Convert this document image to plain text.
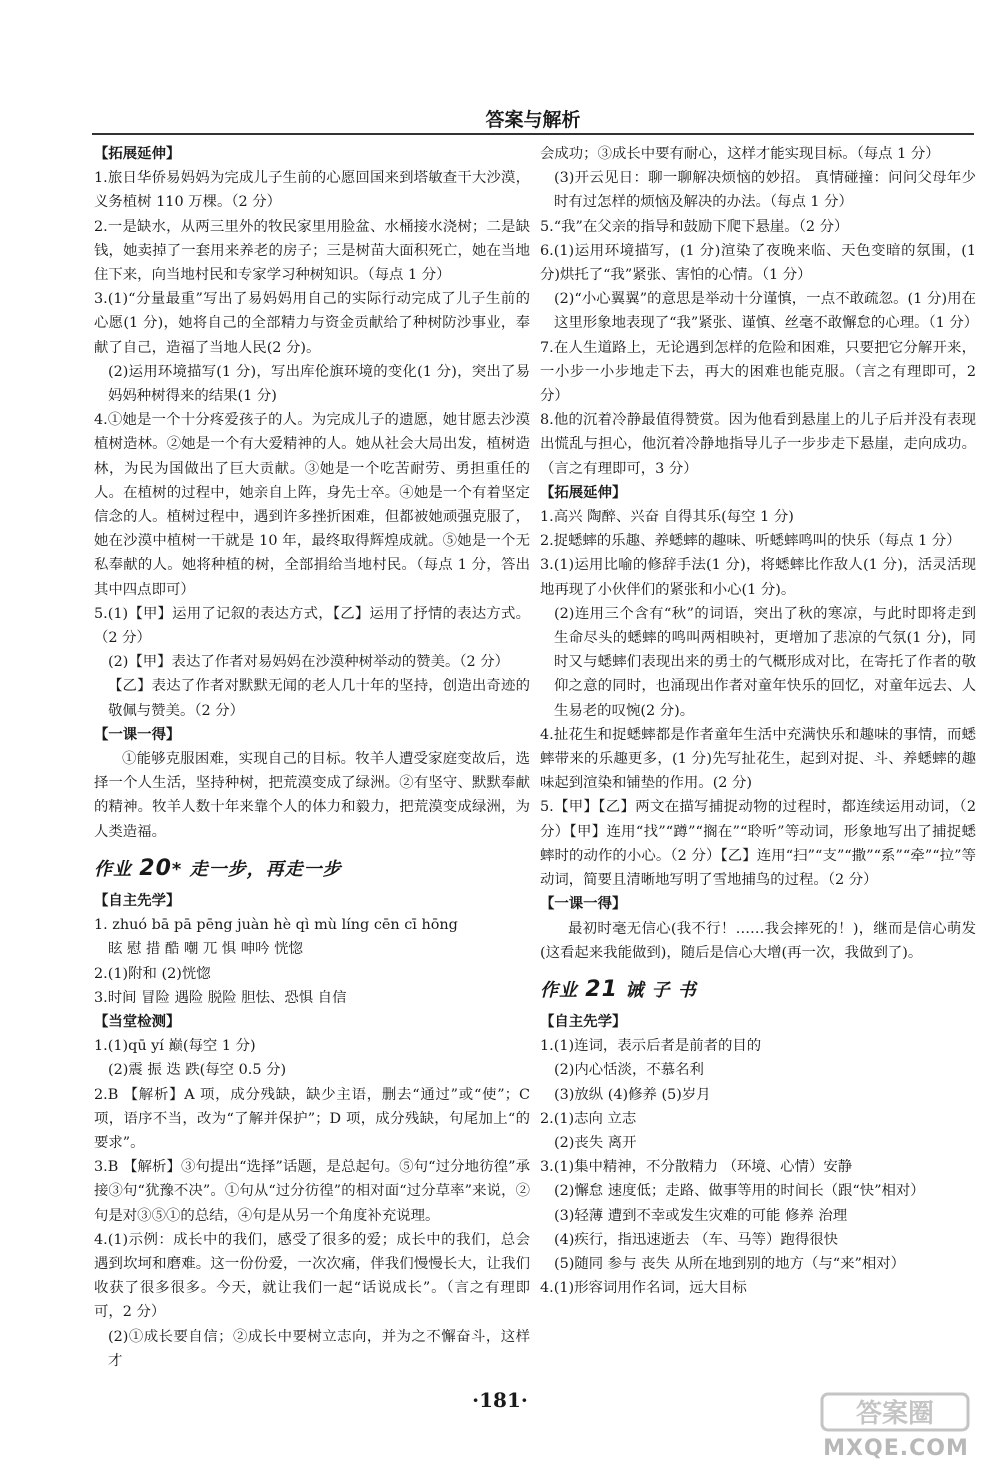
答案与解析

【拓展延伸】

1.旅日华侨易妈妈为完成儿子生前的心愿回国来到塔敏查干大沙漠，义务植树 110 万棵。（2 分）

2.一是缺水，从两三里外的牧民家里用脸盆、水桶接水浇树；二是缺钱，她卖掉了一套用来养老的房子；三是树苗大面积死亡，她在当地住下来，向当地村民和专家学习种树知识。（每点 1 分）

3.(1)“分量最重”写出了易妈妈用自己的实际行动完成了儿子生前的心愿(1 分)，她将自己的全部精力与资金贡献给了种树防沙事业，奉献了自己，造福了当地人民(2 分)。

(2)运用环境描写(1 分)，写出库伦旗环境的变化(1 分)，突出了易妈妈种树得来的结果(1 分)

4.①她是一个十分疼爱孩子的人。为完成儿子的遗愿，她甘愿去沙漠植树造林。②她是一个有大爱精神的人。她从社会大局出发，植树造林，为民为国做出了巨大贡献。③她是一个吃苦耐劳、勇担重任的人。在植树的过程中，她亲自上阵，身先士卒。④她是一个有着坚定信念的人。植树过程中，遇到许多挫折困难，但都被她顽强克服了，她在沙漠中植树一干就是 10 年，最终取得辉煌成就。⑤她是一个无私奉献的人。她将种植的树，全部捐给当地村民。（每点 1 分，答出其中四点即可）

5.(1)【甲】运用了记叙的表达方式，【乙】运用了抒情的表达方式。（2 分）

(2)【甲】表达了作者对易妈妈在沙漠种树举动的赞美。（2 分）

【乙】表达了作者对默默无闻的老人几十年的坚持，创造出奇迹的敬佩与赞美。（2 分）

【一课一得】

①能够克服困难，实现自己的目标。牧羊人遭受家庭变故后，选择一个人生活，坚持种树，把荒漠变成了绿洲。②有坚守、默默奉献的精神。牧羊人数十年来靠个人的体力和毅力，把荒漠变成绿洲，为人类造福。

作业 20* 走一步，再走一步

【自主先学】

1. zhuó bā pā pēng juàn hè qì mù líng cēn cī hōng

眩 慰 措 酷 嘲 兀 惧 呻吟 恍惚

2.(1)附和 (2)恍惚

3.时间 冒险 遇险 脱险 胆怯、恐惧 自信

【当堂检测】

1.(1)qū yí 巅(每空 1 分)

(2)震 振 迭 跌(每空 0.5 分)

2.B 【解析】A 项，成分残缺，缺少主语，删去“通过”或“使”；C 项，语序不当，改为“了解并保护”；D 项，成分残缺，句尾加上“的要求”。

3.B 【解析】③句提出“选择”话题，是总起句。⑤句“过分地彷徨”承接③句“犹豫不决”。①句从“过分彷徨”的相对面“过分草率”来说，②句是对③⑤①的总结，④句是从另一个角度补充说理。

4.(1)示例：成长中的我们，感受了很多的爱；成长中的我们，总会遇到坎坷和磨难。这一份份爱，一次次痛，伴我们慢慢长大，让我们收获了很多很多。今天，就让我们一起“话说成长”。（言之有理即可，2 分）

(2)①成长要自信；②成长中要树立志向，并为之不懈奋斗，这样才

会成功；③成长中要有耐心，这样才能实现目标。（每点 1 分）

(3)开云见日：聊一聊解决烦恼的妙招。 真情碰撞：问问父母年少时有过怎样的烦恼及解决的办法。（每点 1 分）

5.“我”在父亲的指导和鼓励下爬下悬崖。（2 分）

6.(1)运用环境描写，(1 分)渲染了夜晚来临、天色变暗的氛围，(1 分)烘托了“我”紧张、害怕的心情。（1 分）

(2)“小心翼翼”的意思是举动十分谨慎，一点不敢疏忽。(1 分)用在这里形象地表现了“我”紧张、谨慎、丝毫不敢懈怠的心理。（1 分）

7.在人生道路上，无论遇到怎样的危险和困难，只要把它分解开来，一小步一小步地走下去，再大的困难也能克服。（言之有理即可，2 分）

8.他的沉着冷静最值得赞赏。因为他看到悬崖上的儿子后并没有表现出慌乱与担心，他沉着冷静地指导儿子一步步走下悬崖，走向成功。（言之有理即可，3 分）

【拓展延伸】

1.高兴 陶醉、兴奋 自得其乐(每空 1 分)

2.捉蟋蟀的乐趣、养蟋蟀的趣味、听蟋蟀鸣叫的快乐（每点 1 分）

3.(1)运用比喻的修辞手法(1 分)，将蟋蟀比作敌人(1 分)，活灵活现地再现了小伙伴们的紧张和小心(1 分)。

(2)连用三个含有“秋”的词语，突出了秋的寒凉，与此时即将走到生命尽头的蟋蟀的鸣叫两相映衬，更增加了悲凉的气氛(1 分)，同时又与蟋蟀们表现出来的勇士的气概形成对比，在寄托了作者的敬仰之意的同时，也涌现出作者对童年快乐的回忆，对童年远去、人生易老的叹惋(2 分)。

4.扯花生和捉蟋蟀都是作者童年生活中充满快乐和趣味的事情，而蟋蟀带来的乐趣更多，(1 分)先写扯花生，起到对捉、斗、养蟋蟀的趣味起到渲染和铺垫的作用。(2 分)

5.【甲】【乙】两文在描写捕捉动物的过程时，都连续运用动词，（2 分）【甲】连用“找”“蹲”“搁在”“聆听”等动词，形象地写出了捕捉蟋蟀时的动作的小心。（2 分）【乙】连用“扫”“支”“撒”“系”“牵”“拉”等动词，简要且清晰地写明了雪地捕鸟的过程。（2 分）

【一课一得】

最初时毫无信心(我不行！……我会摔死的！)，继而是信心萌发(这看起来我能做到)，随后是信心大增(再一次，我做到了)。

作业 21 诫 子 书

【自主先学】

1.(1)连词，表示后者是前者的目的

(2)内心恬淡，不慕名利

(3)放纵 (4)修养 (5)岁月

2.(1)志向 立志

(2)丧失 离开

3.(1)集中精神，不分散精力 （环境、心情）安静

(2)懈怠 速度低；走路、做事等用的时间长（跟“快”相对）

(3)轻薄 遭到不幸或发生灾难的可能 修养 治理

(4)疾行，指迅速逝去 （车、马等）跑得很快

(5)随同 参与 丧失 从所在地到别的地方（与“来”相对）

4.(1)形容词用作名词，远大目标

·181·	答案圈
MXQE.COM
